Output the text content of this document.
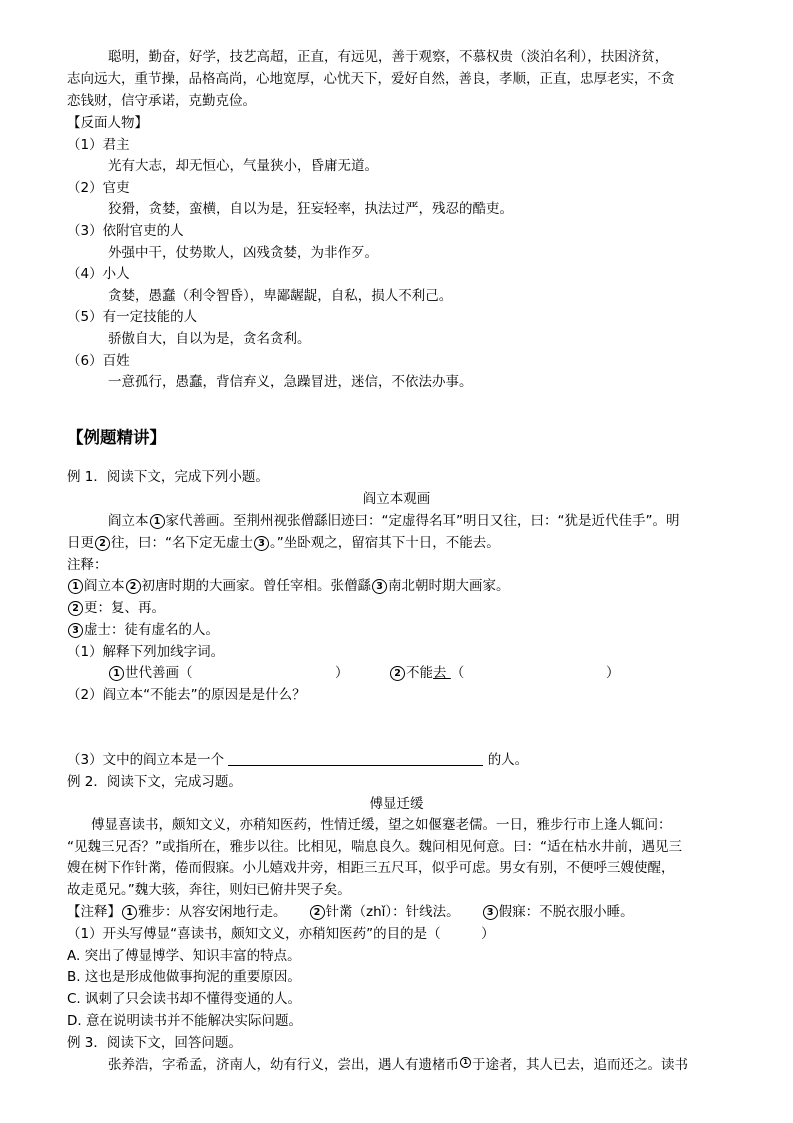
聪明，勤奋，好学，技艺高超，正直，有远见，善于观察，不慕权贵（淡泊名利），扶困济贫，
志向远大，重节操，品格高尚，心地宽厚，心忧天下，爱好自然，善良，孝顺，正直，忠厚老实，不贪
恋钱财，信守承诺，克勤克俭。
【反面人物】
（1）君主
光有大志，却无恒心，气量狭小，昏庸无道。
（2）官吏
狡猾，贪婪，蛮横，自以为是，狂妄轻率，执法过严，残忍的酷吏。
（3）依附官吏的人
外强中干，仗势欺人，凶残贪婪，为非作歹。
（4）小人
贪婪，愚蠢（利令智昏），卑鄙龌龊，自私，损人不利己。
（5）有一定技能的人
骄傲自大，自以为是，贪名贪利。
（6）百姓
一意孤行，愚蠢，背信弃义，急躁冒进，迷信，不依法办事。
【例题精讲】
例 1．阅读下文，完成下列小题。
阎立本观画
阎立本 1 家代善画。至荆州视张僧繇旧迹曰：“定虚得名耳”明日又往，曰：“犹是近代佳手”。明
日更 2 往，曰：“名下定无虚士 3 。”坐卧观之，留宿其下十日，不能去。
注释：
1 阎立本 2 初唐时期的大画家。曾任宰相。张僧繇 3 南北朝时期大画家。
2 更：复、再。
3 虚士：徒有虚名的人。
（1）解释下列加线字词。
1 世代善画（	）	2 不能去 （	）
（2）阎立本“不能去”的原因是是什么？
（3）文中的阎立本是一个	的人。
例 2．阅读下文，完成习题。
傅显迁缓
傅显喜读书，颇知文义，亦稍知医药，性情迁缓，望之如偃蹇老儒。一日，雅步行市上逢人辄问：
“见魏三兄否？”或指所在，雅步以往。比相见，喘息良久。魏问相见何意。曰：“适在枯水井前，遇见三
嫂在树下作针黹，倦而假寐。小儿嬉戏井旁，相距三五尺耳，似乎可虑。男女有别，不便呼三嫂使醒，
故走觅兄。”魏大骇，奔往，则妇已俯井哭子矣。
【注释】 1 雅步：从容安闲地行走。	2 针黹（zhǐ）：针线法。	3 假寐：不脱衣服小睡。
（1）开头写傅显“喜读书，颇知文义，亦稍知医药”的目的是（　　　）
A. 突出了傅显博学、知识丰富的特点。
B. 这也是形成他做事拘泥的重要原因。
C. 讽刺了只会读书却不懂得变通的人。
D. 意在说明读书并不能解决实际问题。
例 3．阅读下文，回答问题。
张养浩，字希孟，济南人，幼有行义，尝出，遇人有遗楮币 1 于途者，其人已去，追而还之。读书
